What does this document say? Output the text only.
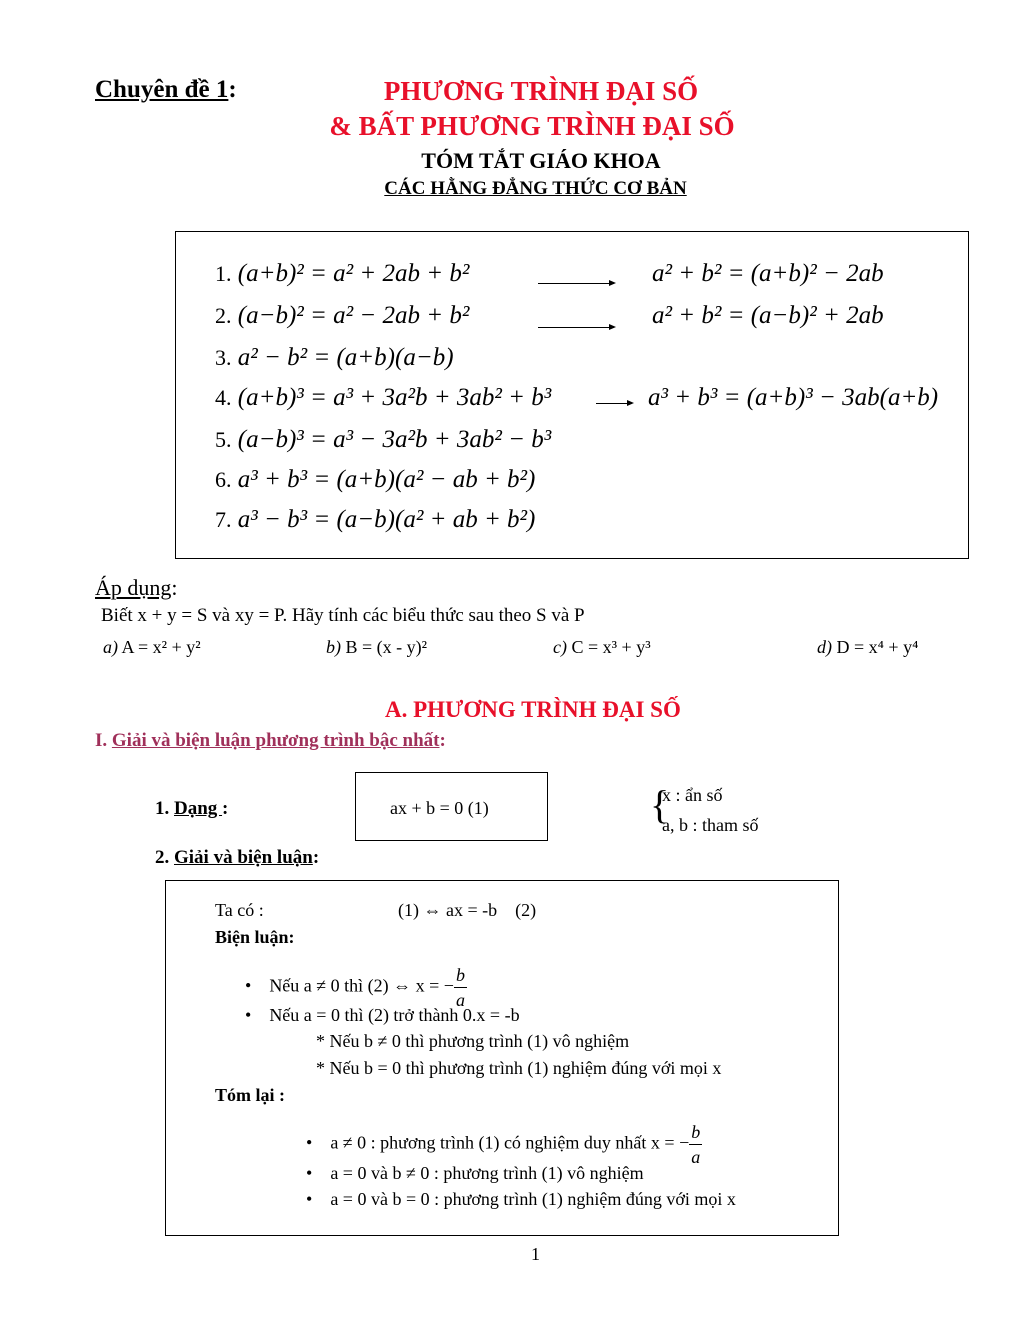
Chuyên đề 1:	PHƯƠNG TRÌNH ĐẠI SỐ
& BẤT PHƯƠNG TRÌNH ĐẠI SỐ
TÓM TẮT GIÁO KHOA
CÁC HẰNG ĐẲNG THỨC CƠ BẢN
1. (a+b)² = a² + 2ab + b²	a² + b² = (a+b)² − 2ab
2. (a−b)² = a² − 2ab + b²	a² + b² = (a−b)² + 2ab
3. a² − b² = (a+b)(a−b)
4. (a+b)³ = a³ + 3a²b + 3ab² + b³	a³ + b³ = (a+b)³ − 3ab(a+b)
5. (a−b)³ = a³ − 3a²b + 3ab² − b³
6. a³ + b³ = (a+b)(a² − ab + b²)
7. a³ − b³ = (a−b)(a² + ab + b²)
Áp dụng:
Biết x + y = S và xy = P. Hãy tính các biểu thức sau theo S và P
a) A = x² + y²	b) B = (x - y)²	c) C = x³ + y³	d) D = x⁴ + y⁴
A. PHƯƠNG TRÌNH ĐẠI SỐ
I. Giải và biện luận phương trình bậc nhất:
1. Dạng :	ax + b = 0 (1)	{
x : ẩn số
a, b : tham số
2. Giải và biện luận:
Ta có :	(1) ⇔ ax = -b    (2)
Biện luận:
•    Nếu a ≠ 0 thì (2) ⇔ x = − $\frac{b}{a}$
•    Nếu a = 0 thì (2) trở thành 0.x = -b
* Nếu b ≠ 0 thì phương trình (1) vô nghiệm
* Nếu b = 0 thì phương trình (1) nghiệm đúng với mọi x
Tóm lại :
•    a ≠ 0 : phương trình (1) có nghiệm duy nhất x = − $\frac{b}{a}$
•    a = 0 và b ≠ 0 : phương trình (1) vô nghiệm
•    a = 0 và b = 0 : phương trình (1) nghiệm đúng với mọi x
1
